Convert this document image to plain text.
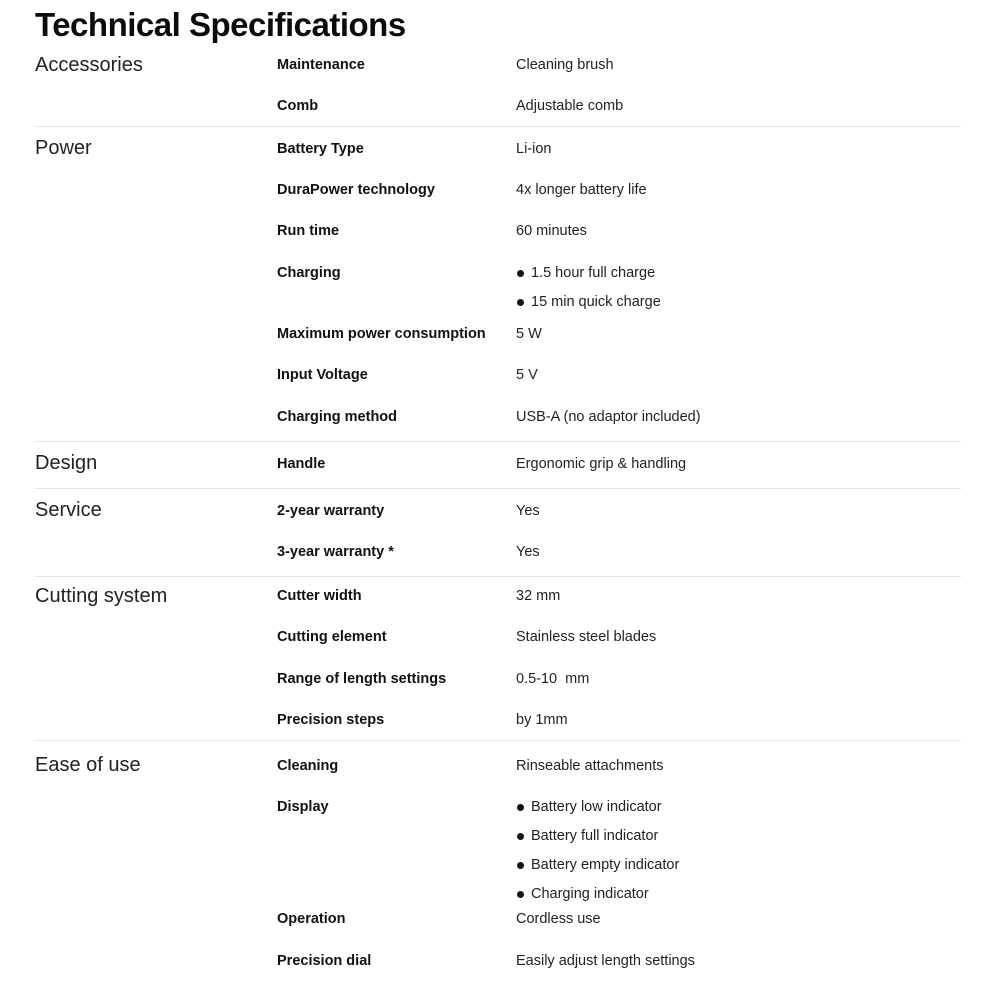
Technical Specifications
Accessories	Maintenance	Cleaning brush
Comb	Adjustable comb
Power	Battery Type	Li-ion
DuraPower technology	4x longer battery life
Run time	60 minutes
Charging	1.5 hour full charge
15 min quick charge
Maximum power consumption 5 W
Input Voltage	5 V
Charging method	USB-A (no adaptor included)
Design	Handle	Ergonomic grip & handling
Service	2-year warranty	Yes
3-year warranty *	Yes
Cutting system	Cutter width	32 mm
Cutting element	Stainless steel blades
Range of length settings	0.5-10  mm
Precision steps	by 1mm
Ease of use	Cleaning	Rinseable attachments
Display	Battery low indicator
Battery full indicator
Battery empty indicator
Charging indicator
Operation	Cordless use
Precision dial	Easily adjust length settings
